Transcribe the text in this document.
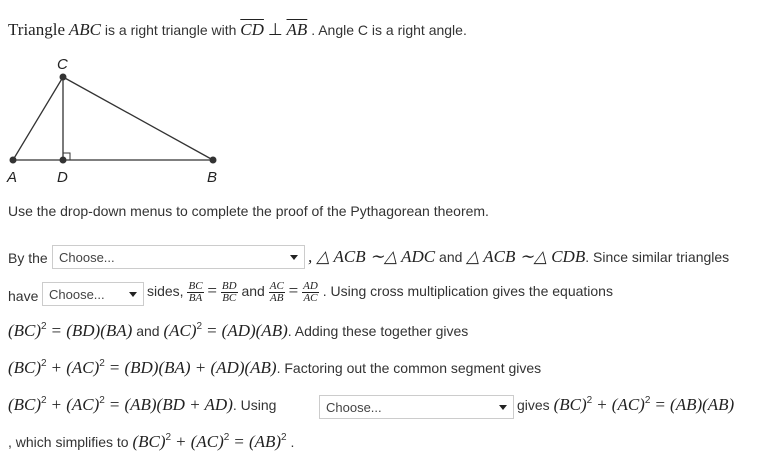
Triangle ABC is a right triangle with $\overline{CD}$ ⊥ $\overline{AB}$ . Angle C is a right angle.
C
A	D	B
Use the drop-down menus to complete the proof of the Pythagorean theorem.
By the Choose...	, △ ACB ∼△ ADC and △ ACB ∼△ CDB. Since similar triangles
have Choose...	sides, $\frac{BC}{BA} = \frac{BD}{BC}$ and $\frac{AC}{AB} = \frac{AD}{AC}$ . Using cross multiplication gives the equations
(BC)$^2$ = (BD)(BA) and (AC)$^2$ = (AD)(AB). Adding these together gives
(BC)$^2$ + (AC)$^2$ = (BD)(BA) + (AD)(AB). Factoring out the common segment gives
(BC)$^2$ + (AC)$^2$ = (AB)(BD + AD). Using	Choose...	gives (BC)$^2$ + (AC)$^2$ = (AB)(AB)
, which simplifies to (BC)$^2$ + (AC)$^2$ = (AB)$^2$ .
